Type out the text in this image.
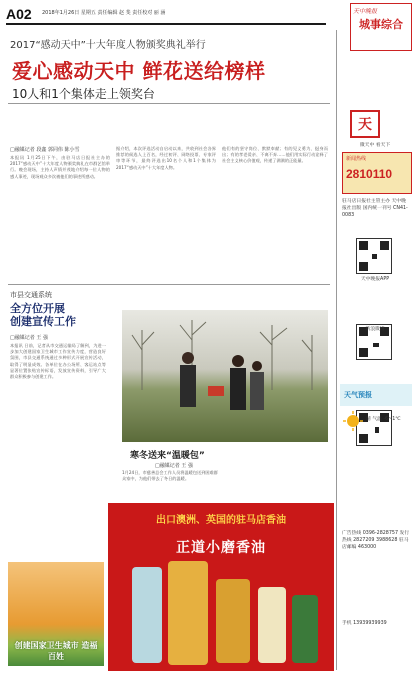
A02 2018年1月26日 星期五 责任编辑 赵 斐 责任校对 丽 涵	天中晚报
城事综合
2017“感动天中”十大年度人物颁奖典礼举行
爱心感动天中 鲜花送给榜样
10人和1个集体走上领奖台
□融媒记者 段鑫 郭同伟 陈小雪
本报讯 1月25日下午，由驻马店日报社主办的2017“感动天中”十大年度人物颁奖典礼在市群艺馆举行。晚会现场，主持人声情并茂地介绍每一位人物的感人事迹，现场观众多次被他们的事迹所感动。
据介绍，本次评选活动自启动以来，共收到社会各界推荐的候选人上百名，经过初评、网络投票、专家评审等环节，最终评选出10名个人和1个集体为2017“感动天中”十大年度人物。
他们有的坚守岗位、默默奉献；有的见义勇为、挺身而出；有的孝老爱亲、不离不弃……他们用实际行动诠释了社会主义核心价值观，传递了满满的正能量。
市县交通系统
全方位开展
创建宣传工作
□融媒记者 王 强
本报讯 日前，记者从市交通运输局了解到，为进一步加大创建国家卫生城市工作宣传力度，营造良好氛围，市县交通系统通过多种形式开展宣传活动，取得了明显成效。各单位在办公场所、客运站点等显著位置张贴宣传标语，发放宣传资料，引导广大群众积极参与创建工作。
寒冬送来“温暖包”
□融媒记者 王 强
1月24日，市慈善总会工作人员将温暖包送到困难群众家中，为他们带去了冬日的温暖。
出口澳洲、英国的驻马店香油
正道小磨香油
创建国家卫生城市 造福百姓
天
微天中 看天下
新闻热线
2810110
驻马店日报社主管主办 天中晚报社出版 国内统一刊号 CN41-0083
天中晚报APP
新浪微博
天气预报
晴 气温 -6~1℃
广告热线 0396-2828757 发行热线 2827209 3988628 驻马店邮编 463000
手机 13939939939
